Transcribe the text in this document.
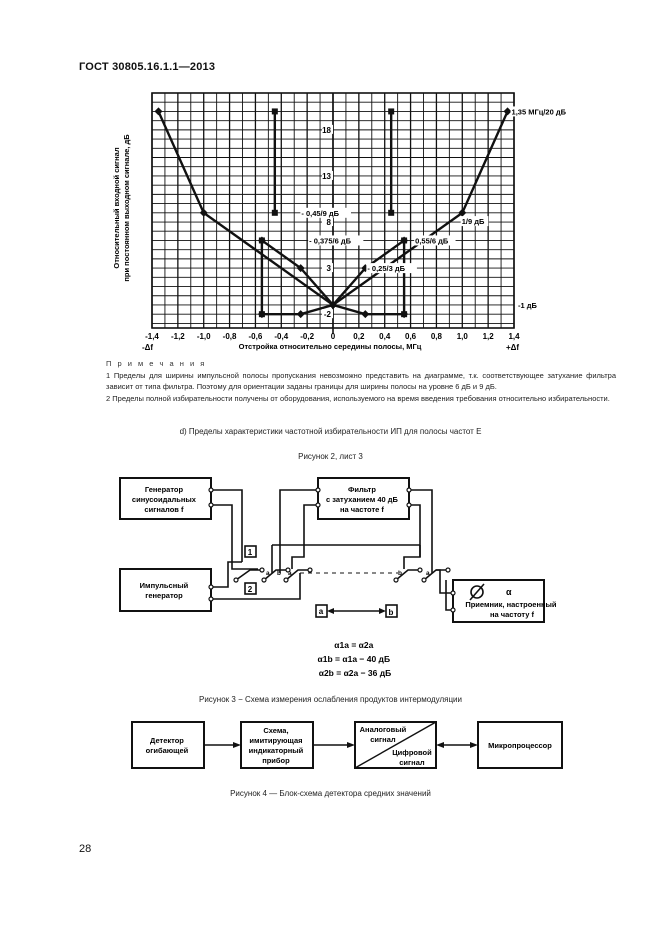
ГОСТ 30805.16.1.1—2013
-1,4 -1,2 -1,0 -0,8 -0,6 -0,4 -0,2 0 0,2 0,4 0,6 0,8 1,0 1,2 1,4
18
13
8
3
-2
1,35 МГц/20 дБ
- 0,45/9 дБ
1/9 дБ
- 0,375/6 дБ	0,55/6 дБ
- 0,25/3 дБ
-1 дБ
-Δf	+Δf
Отстройка относительно середины полосы, МГц
Относительный входной сигнал при постоянном выходном сигнале, дБ
П р и м е ч а н и я
1 Пределы для ширины импульсной полосы пропускания невозможно представить на диаграмме, т.к. соответствующее затухание фильтра зависит от типа фильтра. Поэтому для ориентации заданы границы для ширины полосы на уровне 6 дБ и 9 дБ.
2 Пределы полной избирательности получены от оборудования, используемого на время введения требования относительно избирательности.
d) Пределы характеристики частотной избирательности ИП для полосы частот Е
Рисунок 2, лист 3
Генератор синусоидальных сигналов f Импульсный генератор Фильтр с затуханием 40 дБ на частоте f Приемник, настроенный на частоту f
α
1
2
a	b
a b a	b	a
α1a = α2a α1b = α1a − 40 дБ α2b = α2a − 36 дБ
Рисунок 3 − Схема измерения ослабления продуктов интермодуляции
Детектор огибающей Схема, имитирующая индикаторный прибор Аналоговый сигнал Цифровой сигнал Микропроцессор
Рисунок 4 — Блок-схема детектора средних значений
28
